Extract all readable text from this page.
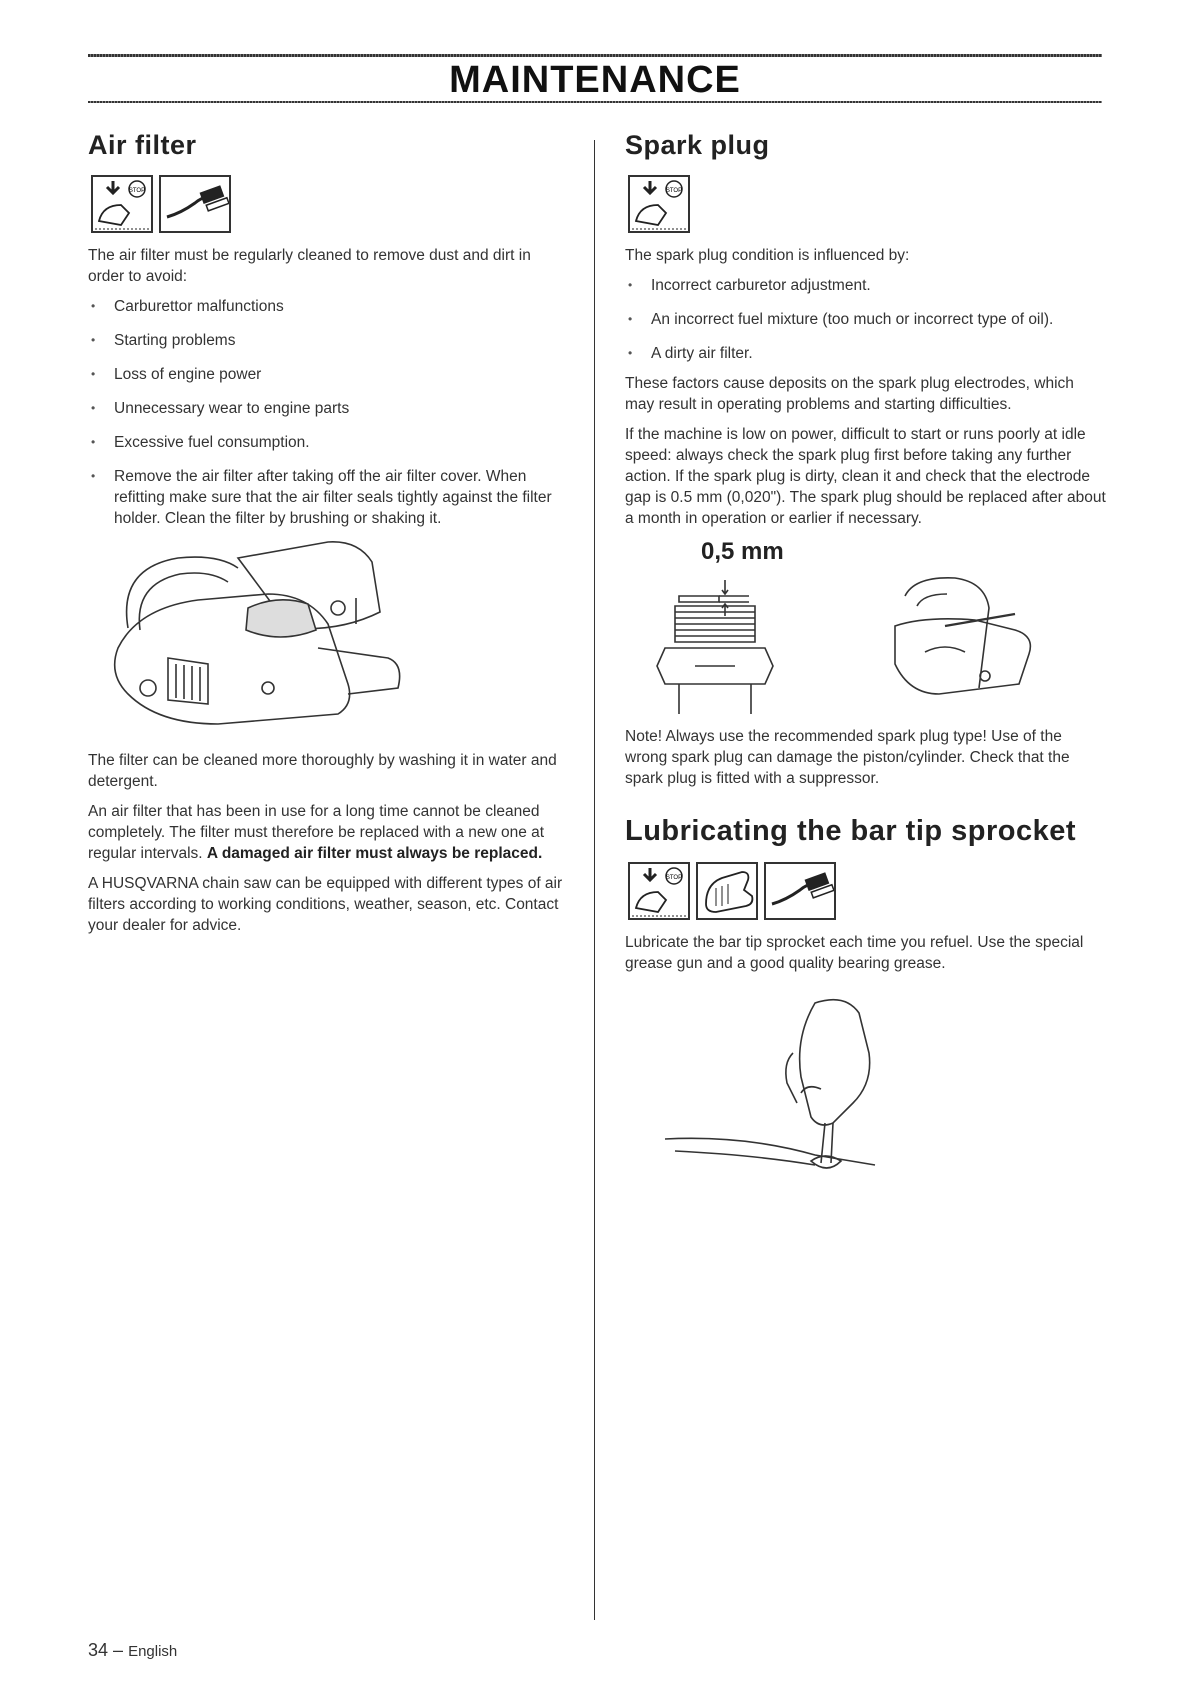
MAINTENANCE
Air filter
STOP

The air filter must be regularly cleaned to remove dust and dirt in order to avoid:

• Carburettor malfunctions
• Starting problems
• Loss of engine power
• Unnecessary wear to engine parts
• Excessive fuel consumption.
• Remove the air filter after taking off the air filter cover. When refitting make sure that the air filter seals tightly against the filter holder. Clean the filter by brushing or shaking it.

The filter can be cleaned more thoroughly by washing it in water and detergent.

An air filter that has been in use for a long time cannot be cleaned completely. The filter must therefore be replaced with a new one at regular intervals. A damaged air filter must always be replaced.

A HUSQVARNA chain saw can be equipped with different types of air filters according to working conditions, weather, season, etc. Contact your dealer for advice.

Spark plug
STOP

The spark plug condition is influenced by:

• Incorrect carburetor adjustment.
• An incorrect fuel mixture (too much or incorrect type of oil).
• A dirty air filter.

These factors cause deposits on the spark plug electrodes, which may result in operating problems and starting difficulties.

If the machine is low on power, difficult to start or runs poorly at idle speed: always check the spark plug first before taking any further action. If the spark plug is dirty, clean it and check that the electrode gap is 0.5 mm (0,020"). The spark plug should be replaced after about a month in operation or earlier if necessary.

0,5 mm

Note! Always use the recommended spark plug type! Use of the wrong spark plug can damage the piston/cylinder. Check that the spark plug is fitted with a suppressor.

Lubricating the bar tip sprocket
STOP

Lubricate the bar tip sprocket each time you refuel. Use the special grease gun and a good quality bearing grease.

34 – English
